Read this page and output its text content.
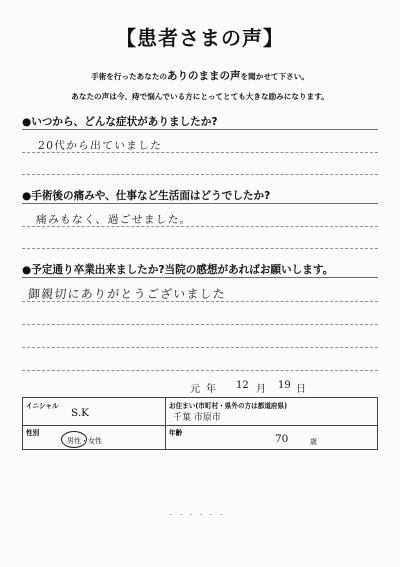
【患者さまの声】
手術を行ったあなたのありのままの声を聞かせて下さい。
あなたの声は今、痔で悩んでいる方にとってとても大きな励みになります。
●いつから、どんな症状がありましたか?
20代から出ていました
●手術後の痛みや、仕事など生活面はどうでしたか?
痛みもなく、過ごせました。
●予定通り卒業出来ましたか?当院の感想があればお願いします。
御親切にありがとうございました
元 年 12 月 19 日
イニシャル
S.K
お住まい(市町村・県外の方は都道府県)
千葉 市原市
性別
男性・女性
年齢	70	歳
・・・・・・
